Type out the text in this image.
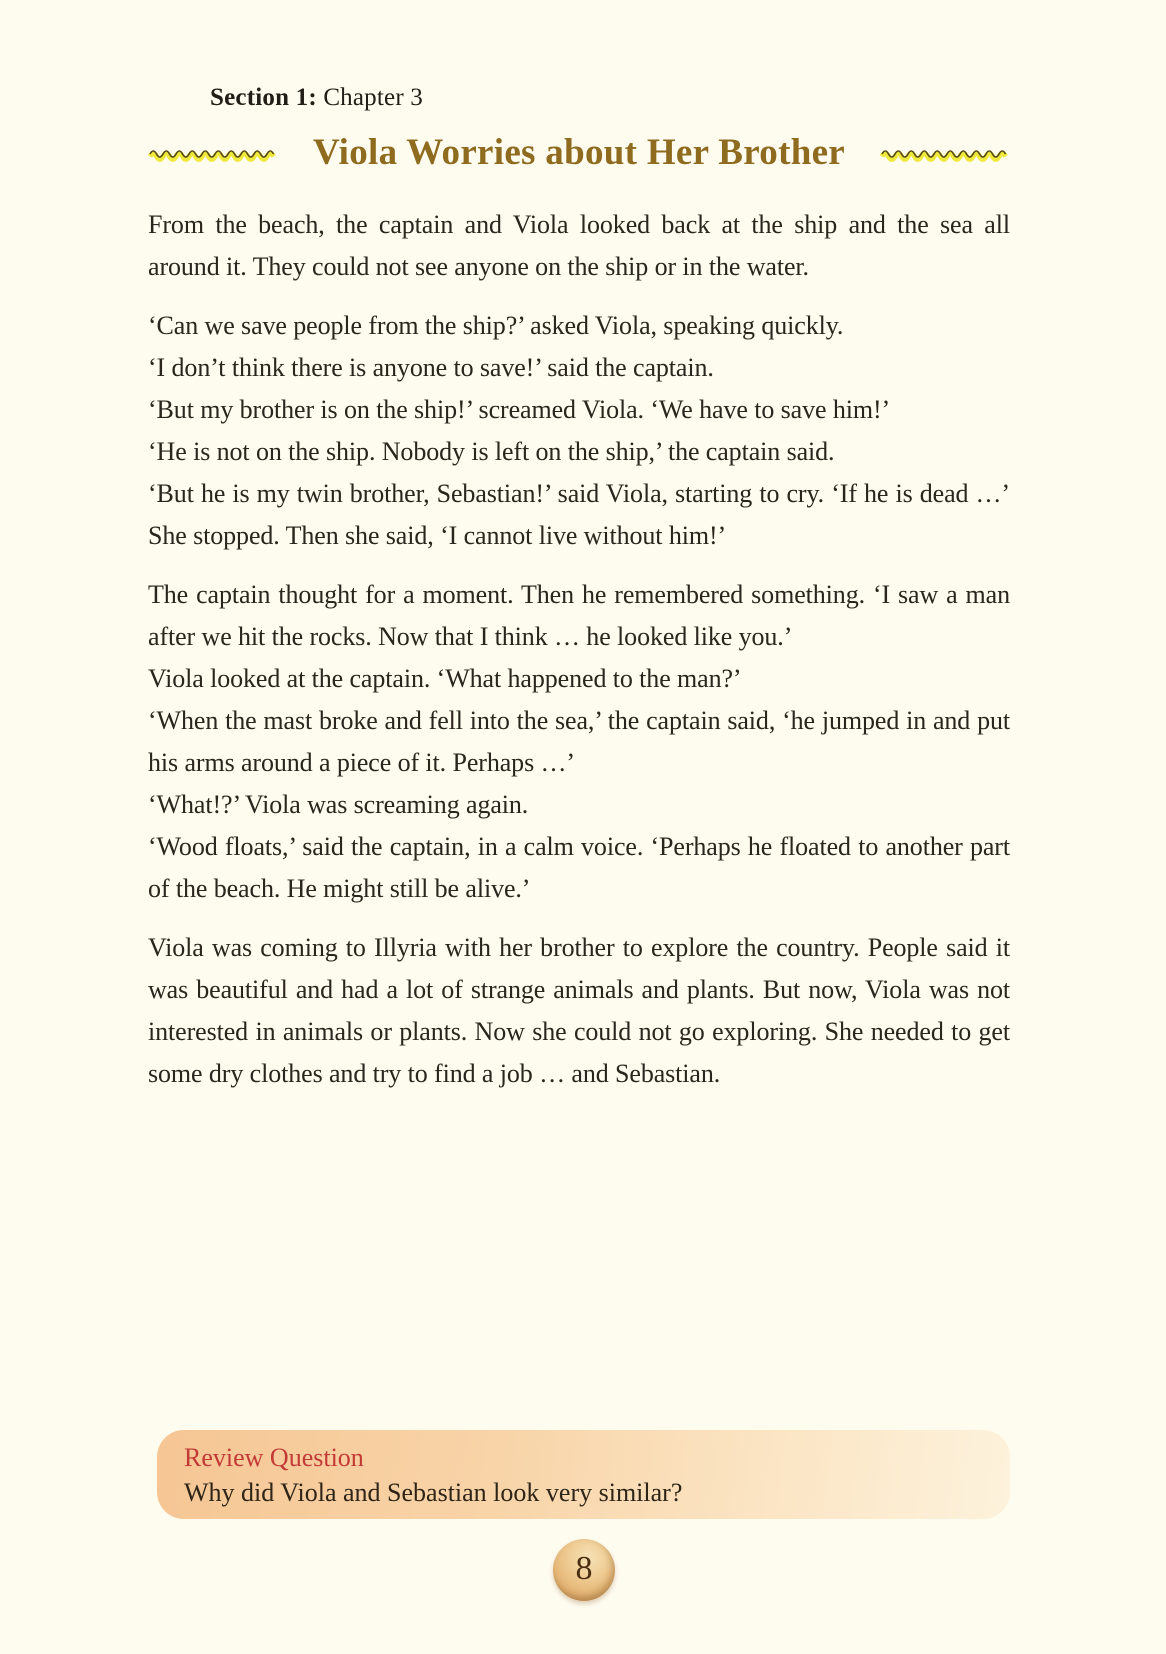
Section 1: Chapter 3
Viola Worries about Her Brother
From the beach, the captain and Viola looked back at the ship and the sea all around it. They could not see anyone on the ship or in the water.
‘Can we save people from the ship?’ asked Viola, speaking quickly.
‘I don’t think there is anyone to save!’ said the captain.
‘But my brother is on the ship!’ screamed Viola. ‘We have to save him!’
‘He is not on the ship. Nobody is left on the ship,’ the captain said.
‘But he is my twin brother, Sebastian!’ said Viola, starting to cry. ‘If he is dead …’ She stopped. Then she said, ‘I cannot live without him!’
The captain thought for a moment. Then he remembered something. ‘I saw a man after we hit the rocks. Now that I think … he looked like you.’
Viola looked at the captain. ‘What happened to the man?’
‘When the mast broke and fell into the sea,’ the captain said, ‘he jumped in and put his arms around a piece of it. Perhaps …’
‘What!?’ Viola was screaming again.
‘Wood floats,’ said the captain, in a calm voice. ‘Perhaps he floated to another part of the beach. He might still be alive.’
Viola was coming to Illyria with her brother to explore the country. People said it was beautiful and had a lot of strange animals and plants. But now, Viola was not interested in animals or plants. Now she could not go exploring. She needed to get some dry clothes and try to find a job … and Sebastian.
Review Question
Why did Viola and Sebastian look very similar?
8
